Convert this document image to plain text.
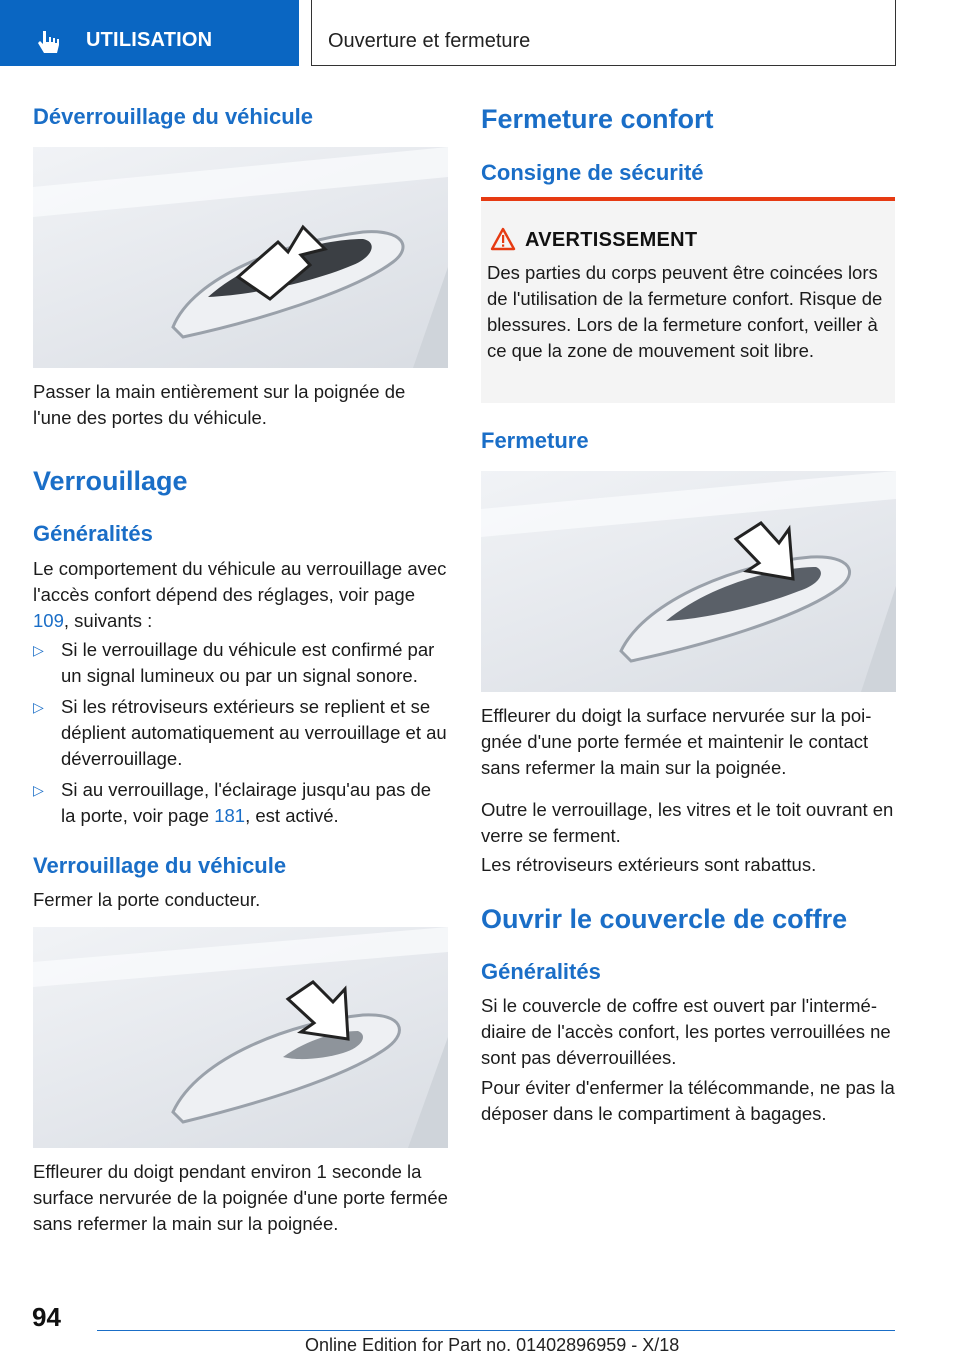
UTILISATION	Ouverture et fermeture
Déverrouillage du véhicule
Passer la main entièrement sur la poignée de l'une des portes du véhicule.
Verrouillage
Généralités
Le comportement du véhicule au verrouillage avec l'accès confort dépend des réglages, voir page 109, suivants :
▷ Si le verrouillage du véhicule est confirmé par un signal lumineux ou par un signal sonore.
▷ Si les rétroviseurs extérieurs se replient et se déplient automatiquement au verrouillage et au déverrouillage.
▷ Si au verrouillage, l'éclairage jusqu'au pas de la porte, voir page 181, est activé.
Verrouillage du véhicule
Fermer la porte conducteur.
Effleurer du doigt pendant environ 1 seconde la surface nervurée de la poignée d'une porte fermée sans refermer la main sur la poignée.
Fermeture confort
Consigne de sécurité
AVERTISSEMENT
Des parties du corps peuvent être coincées lors de l'utilisation de la fermeture confort. Risque de blessures. Lors de la fermeture confort, veiller à ce que la zone de mouvement soit libre.
Fermeture
Effleurer du doigt la surface nervurée sur la poignée d'une porte fermée et maintenir le contact sans refermer la main sur la poignée.
Outre le verrouillage, les vitres et le toit ouvrant en verre se ferment.
Les rétroviseurs extérieurs sont rabattus.
Ouvrir le couvercle de coffre
Généralités
Si le couvercle de coffre est ouvert par l'intermédiaire de l'accès confort, les portes verrouillées ne sont pas déverrouillées.
Pour éviter d'enfermer la télécommande, ne pas la déposer dans le compartiment à bagages.
94
Online Edition for Part no. 01402896959 - X/18
